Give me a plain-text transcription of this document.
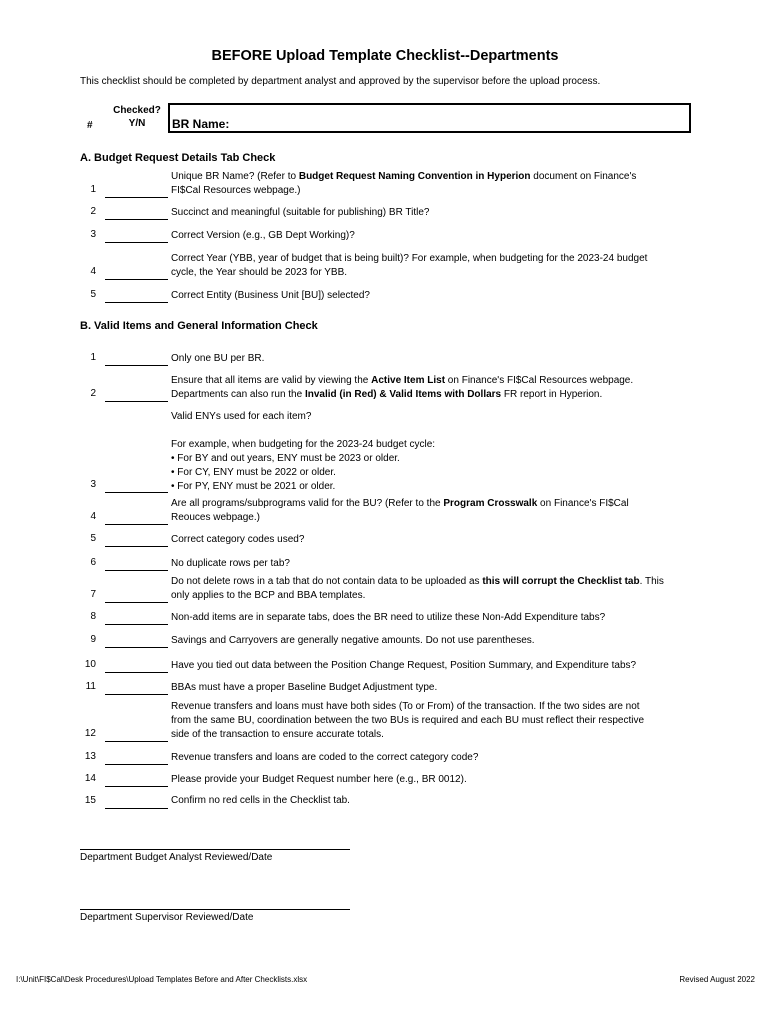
BEFORE Upload Template Checklist--Departments
This checklist should be completed by department analyst and approved by the supervisor before the upload process.
#
Checked?
Y/N	BR Name:
A. Budget Request Details Tab Check
Unique BR Name? (Refer to Budget Request Naming Convention in Hyperion document on Finance's
FI$Cal Resources webpage.)
1
Succinct and meaningful (suitable for publishing) BR Title?
2
Correct Version (e.g., GB Dept Working)?
3
Correct Year (YBB, year of budget that is being built)? For example, when budgeting for the 2023-24 budget
cycle, the Year should be 2023 for YBB.
4
Correct Entity (Business Unit [BU]) selected?
5
B. Valid Items and General Information Check
Only one BU per BR.
1
Ensure that all items are valid by viewing the Active Item List on Finance's FI$Cal Resources webpage.
Departments can also run the Invalid (in Red) & Valid Items with Dollars FR report in Hyperion.
2
Valid ENYs used for each item?

For example, when budgeting for the 2023-24 budget cycle:
• For BY and out years, ENY must be 2023 or older.
• For CY, ENY must be 2022 or older.
• For PY, ENY must be 2021 or older.
3
Are all programs/subprograms valid for the BU? (Refer to the Program Crosswalk on Finance's FI$Cal
Reouces webpage.)
4
Correct category codes used?
5
No duplicate rows per tab?
6
Do not delete rows in a tab that do not contain data to be uploaded as this will corrupt the Checklist tab. This
only applies to the BCP and BBA templates.
7
Non-add items are in separate tabs, does the BR need to utilize these Non-Add Expenditure tabs?
8
Savings and Carryovers are generally negative amounts. Do not use parentheses.
9
Have you tied out data between the Position Change Request, Position Summary, and Expenditure tabs?
10
BBAs must have a proper Baseline Budget Adjustment type.
11
Revenue transfers and loans must have both sides (To or From) of the transaction. If the two sides are not
from the same BU, coordination between the two BUs is required and each BU must reflect their respective
side of the transaction to ensure accurate totals.
12
Revenue transfers and loans are coded to the correct category code?
13
Please provide your Budget Request number here (e.g., BR 0012).
14
Confirm no red cells in the Checklist tab.
15
Department Budget Analyst Reviewed/Date
Department Supervisor Reviewed/Date
I:\Unit\FI$Cal\Desk Procedures\Upload Templates Before and After Checklists.xlsx	Revised August 2022
